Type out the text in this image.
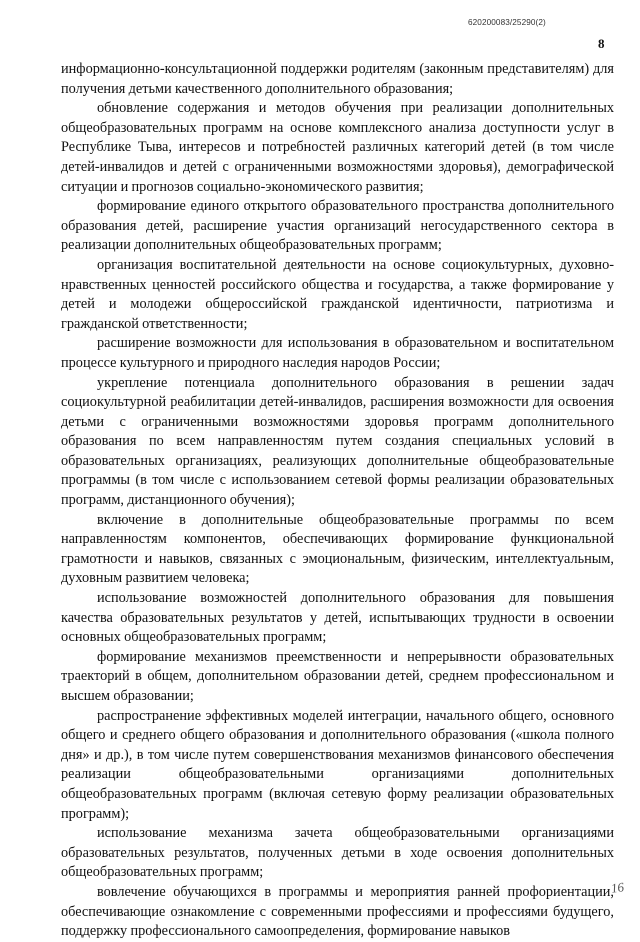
620200083/25290(2)
8

информационно-консультационной поддержки родителям (законным представителям) для получения детьми качественного дополнительного образования;

обновление содержания и методов обучения при реализации дополнительных общеобразовательных программ на основе комплексного анализа доступности услуг в Республике Тыва, интересов и потребностей различных категорий детей (в том числе детей-инвалидов и детей с ограниченными возможностями здоровья), демографической ситуации и прогнозов социально-экономического развития;

формирование единого открытого образовательного пространства дополнительного образования детей, расширение участия организаций негосударственного сектора в реализации дополнительных общеобразовательных программ;

организация воспитательной деятельности на основе социокультурных, духовно-нравственных ценностей российского общества и государства, а также формирование у детей и молодежи общероссийской гражданской идентичности, патриотизма и гражданской ответственности;

расширение возможности для использования в образовательном и воспитательном процессе культурного и природного наследия народов России;

укрепление потенциала дополнительного образования в решении задач социокультурной реабилитации детей-инвалидов, расширения возможности для освоения детьми с ограниченными возможностями здоровья программ дополнительного образования по всем направленностям путем создания специальных условий в образовательных организациях, реализующих дополнительные общеобразовательные программы (в том числе с использованием сетевой формы реализации образовательных программ, дистанционного обучения);

включение в дополнительные общеобразовательные программы по всем направленностям компонентов, обеспечивающих формирование функциональной грамотности и навыков, связанных с эмоциональным, физическим, интеллектуальным, духовным развитием человека;

использование возможностей дополнительного образования для повышения качества образовательных результатов у детей, испытывающих трудности в освоении основных общеобразовательных программ;

формирование механизмов преемственности и непрерывности образовательных траекторий в общем, дополнительном образовании детей, среднем профессиональном и высшем образовании;

распространение эффективных моделей интеграции, начального общего, основного общего и среднего общего образования и дополнительного образования («школа полного дня» и др.), в том числе путем совершенствования механизмов финансового обеспечения реализации общеобразовательными организациями дополнительных общеобразовательных программ (включая сетевую форму реализации образовательных программ);

использование механизма зачета общеобразовательными организациями образовательных результатов, полученных детьми в ходе освоения дополнительных общеобразовательных программ;

вовлечение обучающихся в программы и мероприятия ранней профориентации, обеспечивающие ознакомление с современными профессиями и профессиями будущего, поддержку профессионального самоопределения, формирование навыков

16
